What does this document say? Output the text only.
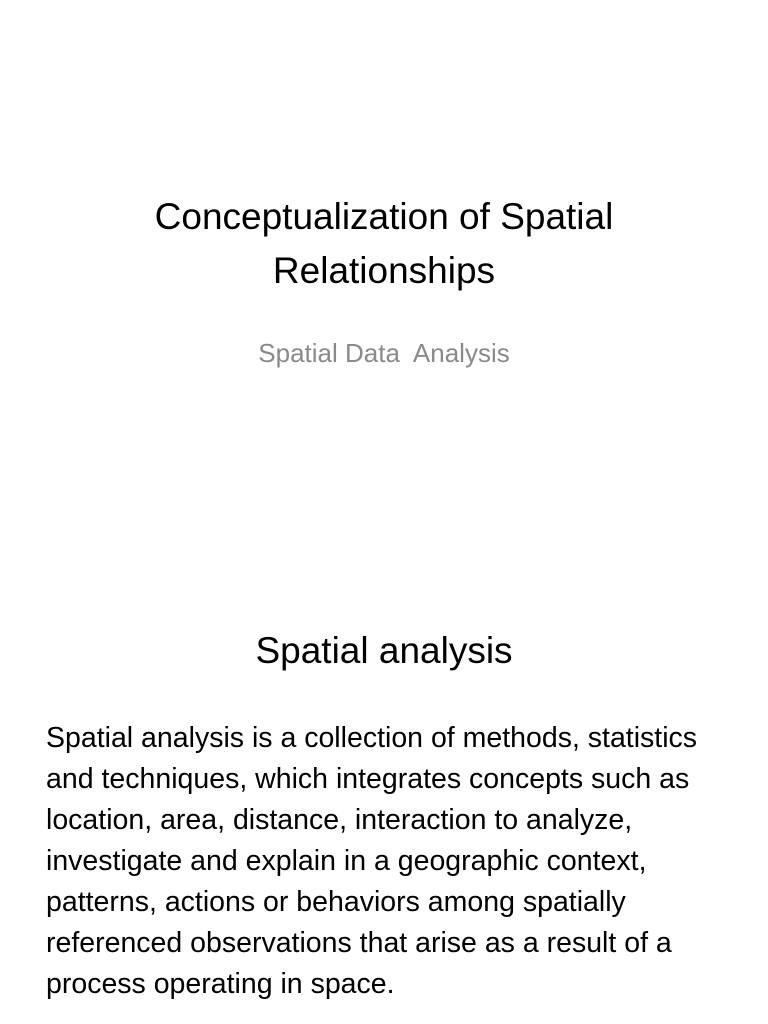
Conceptualization of Spatial Relationships

Spatial Data  Analysis

Spatial analysis

Spatial analysis is a collection of methods, statistics and techniques, which integrates concepts such as location, area, distance, interaction to analyze, investigate and explain in a geographic context, patterns, actions or behaviors among spatially referenced observations that arise as a result of a process operating in space.
